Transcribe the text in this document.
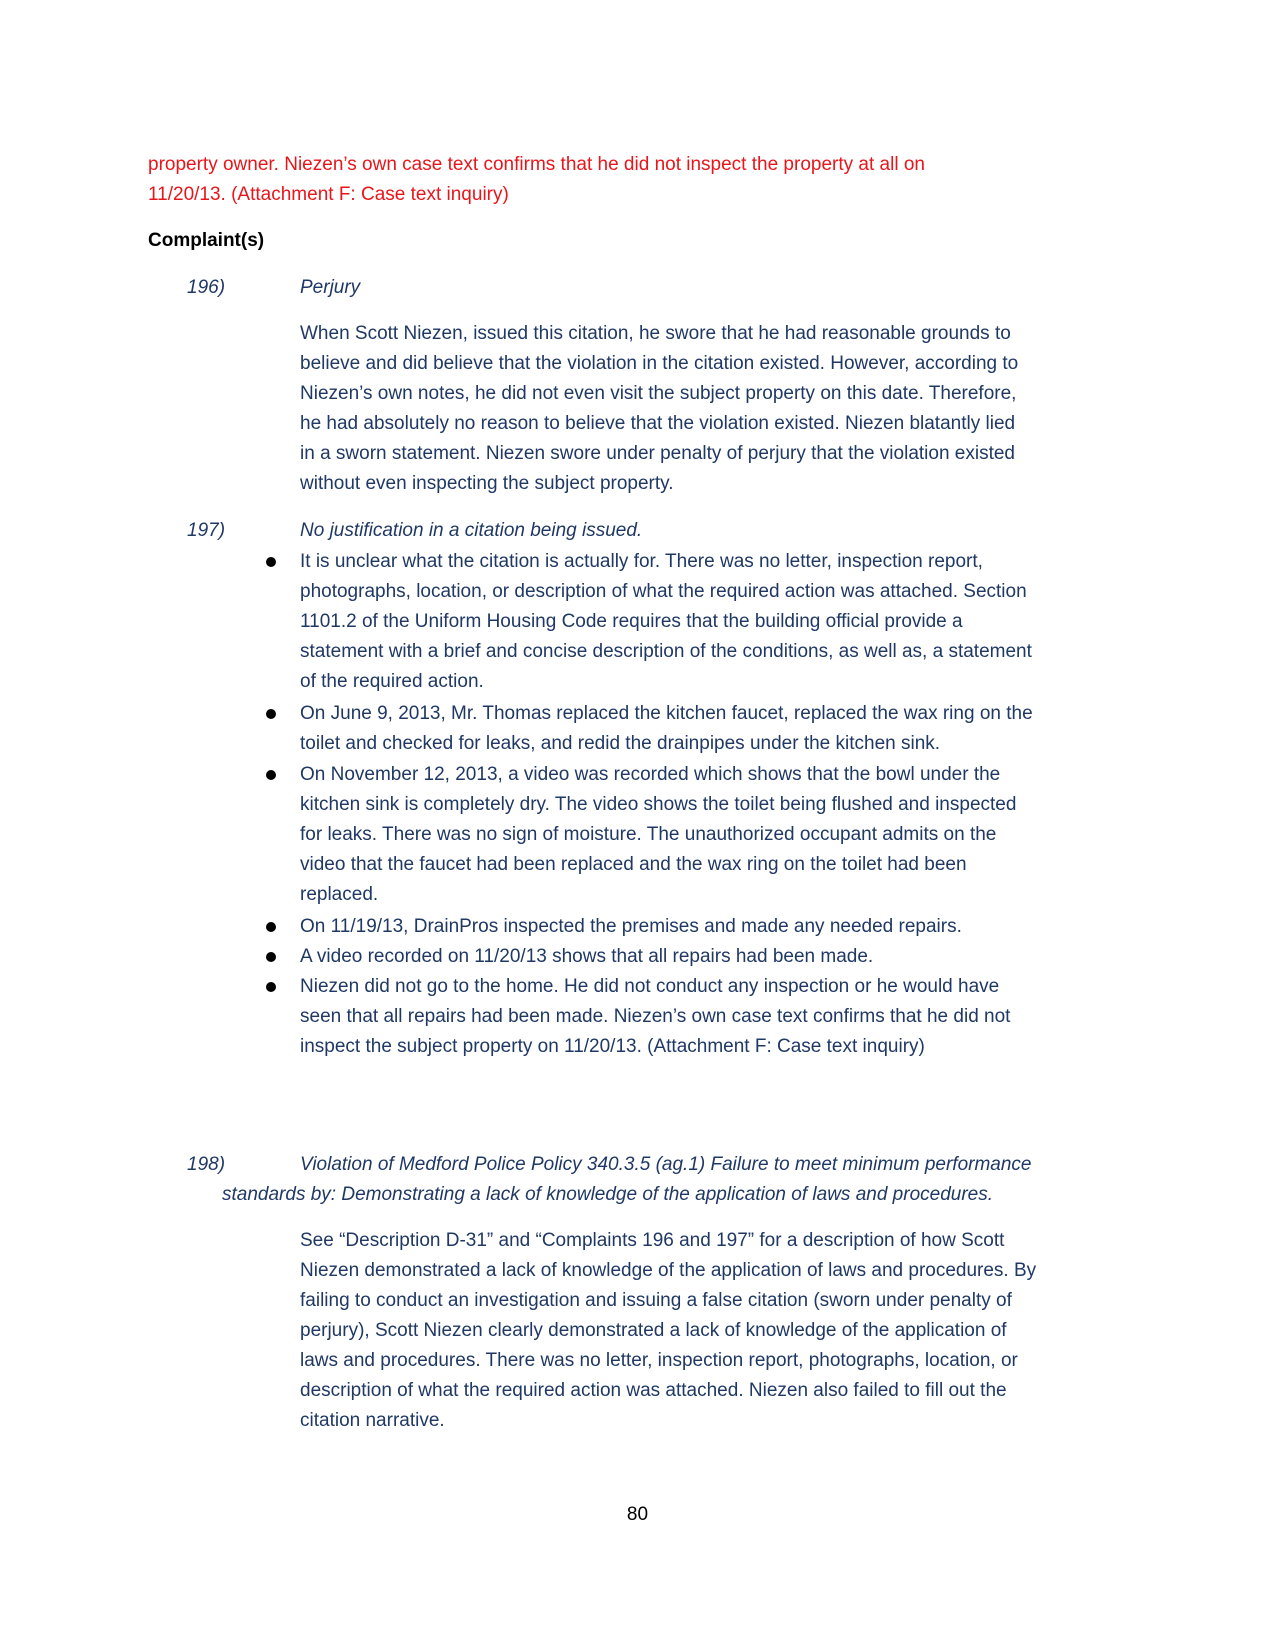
property owner. Niezen’s own case text confirms that he did not inspect the property at all on
11/20/13. (Attachment F: Case text inquiry)
Complaint(s)
196)	Perjury
When Scott Niezen, issued this citation, he swore that he had reasonable grounds to
believe and did believe that the violation in the citation existed. However, according to
Niezen’s own notes, he did not even visit the subject property on this date. Therefore,
he had absolutely no reason to believe that the violation existed. Niezen blatantly lied
in a sworn statement. Niezen swore under penalty of perjury that the violation existed
without even inspecting the subject property.
197)	No justification in a citation being issued.
It is unclear what the citation is actually for. There was no letter, inspection report,
photographs, location, or description of what the required action was attached. Section
1101.2 of the Uniform Housing Code requires that the building official provide a
statement with a brief and concise description of the conditions, as well as, a statement
of the required action.
On June 9, 2013, Mr. Thomas replaced the kitchen faucet, replaced the wax ring on the
toilet and checked for leaks, and redid the drainpipes under the kitchen sink.
On November 12, 2013, a video was recorded which shows that the bowl under the
kitchen sink is completely dry. The video shows the toilet being flushed and inspected
for leaks. There was no sign of moisture. The unauthorized occupant admits on the
video that the faucet had been replaced and the wax ring on the toilet had been
replaced.
On 11/19/13, DrainPros inspected the premises and made any needed repairs.
A video recorded on 11/20/13 shows that all repairs had been made.
Niezen did not go to the home. He did not conduct any inspection or he would have
seen that all repairs had been made. Niezen’s own case text confirms that he did not
inspect the subject property on 11/20/13. (Attachment F: Case text inquiry)
198)	Violation of Medford Police Policy 340.3.5 (ag.1) Failure to meet minimum performance
standards by: Demonstrating a lack of knowledge of the application of laws and procedures.
See “Description D-31” and “Complaints 196 and 197” for a description of how Scott
Niezen demonstrated a lack of knowledge of the application of laws and procedures. By
failing to conduct an investigation and issuing a false citation (sworn under penalty of
perjury), Scott Niezen clearly demonstrated a lack of knowledge of the application of
laws and procedures. There was no letter, inspection report, photographs, location, or
description of what the required action was attached. Niezen also failed to fill out the
citation narrative.
80
